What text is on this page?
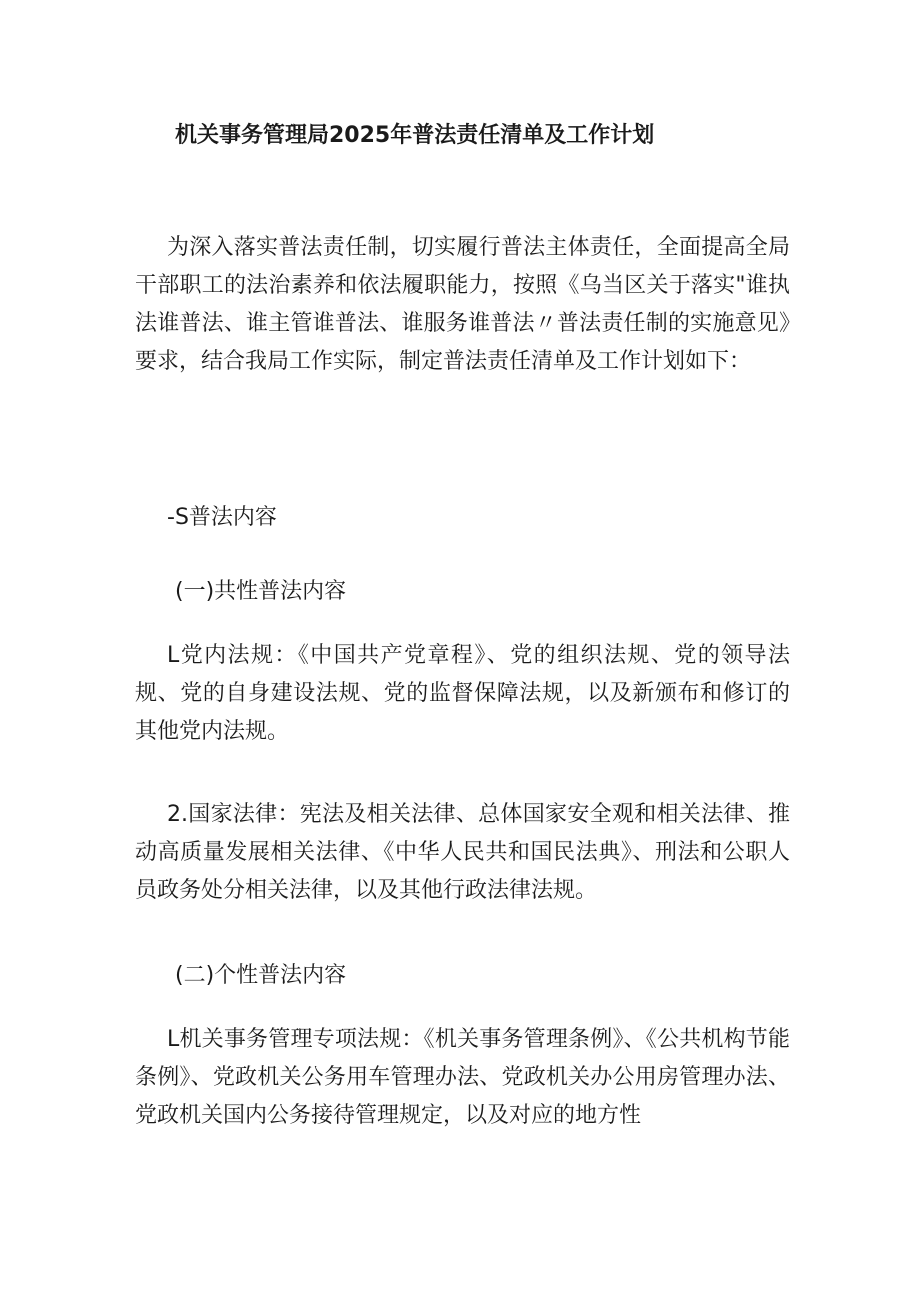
机关事务管理局2025年普法责任清单及工作计划

为深入落实普法责任制，切实履行普法主体责任，全面提高全局干部职工的法治素养和依法履职能力，按照《乌当区关于落实"谁执法谁普法、谁主管谁普法、谁服务谁普法〃普法责任制的实施意见》要求，结合我局工作实际，制定普法责任清单及工作计划如下：

-S普法内容
(一)共性普法内容

L党内法规：《中国共产党章程》、党的组织法规、党的领导法规、党的自身建设法规、党的监督保障法规，以及新颁布和修订的其他党内法规。

2.国家法律：宪法及相关法律、总体国家安全观和相关法律、推动高质量发展相关法律、《中华人民共和国民法典》、刑法和公职人员政务处分相关法律，以及其他行政法律法规。

(二)个性普法内容

L机关事务管理专项法规：《机关事务管理条例》、《公共机构节能条例》、党政机关公务用车管理办法、党政机关办公用房管理办法、党政机关国内公务接待管理规定，以及对应的地方性
